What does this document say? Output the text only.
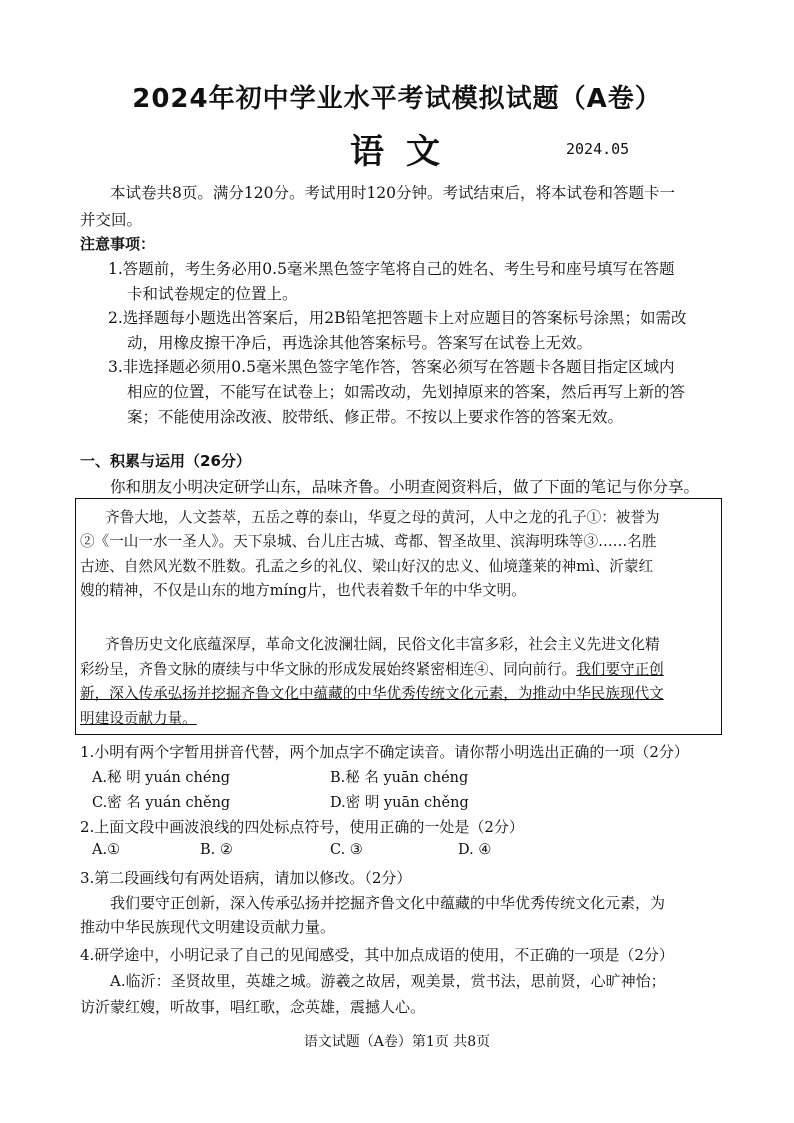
2024年初中学业水平考试模拟试题（A卷）
语文	2024.05
本试卷共8页。满分120分。考试用时120分钟。考试结束后，将本试卷和答题卡一
并交回。
注意事项：
1.答题前，考生务必用0.5毫米黑色签字笔将自己的姓名、考生号和座号填写在答题
卡和试卷规定的位置上。
2.选择题每小题选出答案后，用2B铅笔把答题卡上对应题目的答案标号涂黑；如需改
动，用橡皮擦干净后，再选涂其他答案标号。答案写在试卷上无效。
3.非选择题必须用0.5毫米黑色签字笔作答，答案必须写在答题卡各题目指定区域内
相应的位置，不能写在试卷上；如需改动，先划掉原来的答案，然后再写上新的答
案；不能使用涂改液、胶带纸、修正带。不按以上要求作答的答案无效。
一、积累与运用（26分）
你和朋友小明决定研学山东，品味齐鲁。小明查阅资料后，做了下面的笔记与你分享。
齐鲁大地，人文荟萃，五岳之尊的泰山，华夏之母的黄河，人中之龙的孔子①：被誉为
②《一山一水一圣人》。天下泉城、台儿庄古城、鸢都、智圣故里、滨海明珠等③……名胜
古迹、自然风光数不胜数。孔孟之乡的礼仪、梁山好汉的忠义、仙境蓬莱的神mì、沂蒙红
嫂的精神，不仅是山东的地方míng片，也代表着数千年的中华文明。
齐鲁历史文化底蕴深厚，革命文化波澜壮阔，民俗文化丰富多彩，社会主义先进文化精
彩纷呈，齐鲁文脉的赓续与中华文脉的形成发展始终紧密相连④、同向前行。我们要守正创
新，深入传承弘扬并挖掘齐鲁文化中蕴藏的中华优秀传统文化元素，为推动中华民族现代文
明建设贡献力量。
1.小明有两个字暂用拼音代替，两个加点字不确定读音。请你帮小明选出正确的一项（2分）
A.秘 明 yuán chéng	B.秘 名 yuān chéng
C.密 名 yuán chěng	D.密 明 yuān chěng
2.上面文段中画波浪线的四处标点符号，使用正确的一处是（2分）
A.①	B. ②	C. ③	D. ④
3.第二段画线句有两处语病，请加以修改。（2分）
我们要守正创新，深入传承弘扬并挖掘齐鲁文化中蕴藏的中华优秀传统文化元素，为
推动中华民族现代文明建设贡献力量。
4.研学途中，小明记录了自己的见闻感受，其中加点成语的使用，不正确的一项是（2分）
A.临沂：圣贤故里，英雄之城。游羲之故居，观美景，赏书法，思前贤，心旷神怡；
访沂蒙红嫂，听故事，唱红歌，念英雄，震撼人心。
语文试题（A卷）第1页 共8页
